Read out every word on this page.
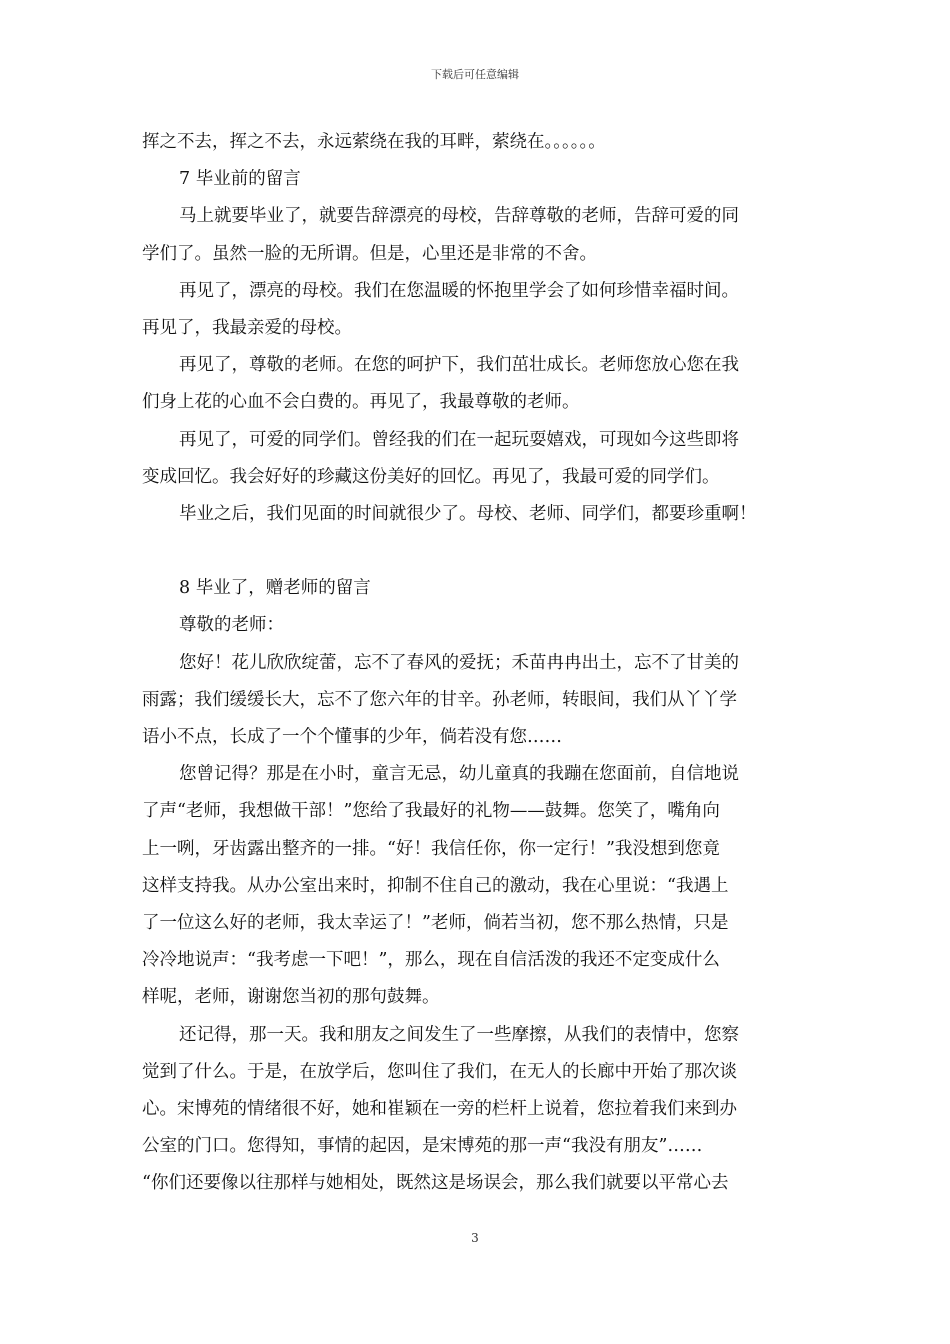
下载后可任意编辑
挥之不去，挥之不去，永远萦绕在我的耳畔，萦绕在。。。。。。
7 毕业前的留言
马上就要毕业了，就要告辞漂亮的母校，告辞尊敬的老师，告辞可爱的同
学们了。虽然一脸的无所谓。但是，心里还是非常的不舍。
再见了，漂亮的母校。我们在您温暖的怀抱里学会了如何珍惜幸福时间。
再见了，我最亲爱的母校。
再见了，尊敬的老师。在您的呵护下，我们茁壮成长。老师您放心您在我
们身上花的心血不会白费的。再见了，我最尊敬的老师。
再见了，可爱的同学们。曾经我的们在一起玩耍嬉戏，可现如今这些即将
变成回忆。我会好好的珍藏这份美好的回忆。再见了，我最可爱的同学们。
毕业之后，我们见面的时间就很少了。母校、老师、同学们，都要珍重啊！
8 毕业了，赠老师的留言
尊敬的老师：
您好！花儿欣欣绽蕾，忘不了春风的爱抚；禾苗冉冉出土，忘不了甘美的
雨露；我们缓缓长大，忘不了您六年的甘辛。孙老师，转眼间，我们从丫丫学
语小不点，长成了一个个懂事的少年，倘若没有您……
您曾记得？那是在小时，童言无忌，幼儿童真的我蹦在您面前，自信地说
了声“老师，我想做干部！”您给了我最好的礼物——鼓舞。您笑了，嘴角向
上一咧，牙齿露出整齐的一排。“好！我信任你，你一定行！”我没想到您竟
这样支持我。从办公室出来时，抑制不住自己的激动，我在心里说：“我遇上
了一位这么好的老师，我太幸运了！”老师，倘若当初，您不那么热情，只是
冷冷地说声：“我考虑一下吧！”，那么，现在自信活泼的我还不定变成什么
样呢，老师，谢谢您当初的那句鼓舞。
还记得，那一天。我和朋友之间发生了一些摩擦，从我们的表情中，您察
觉到了什么。于是，在放学后，您叫住了我们，在无人的长廊中开始了那次谈
心。宋博苑的情绪很不好，她和崔颖在一旁的栏杆上说着，您拉着我们来到办
公室的门口。您得知，事情的起因，是宋博苑的那一声“我没有朋友”……
“你们还要像以往那样与她相处，既然这是场误会，那么我们就要以平常心去
3
